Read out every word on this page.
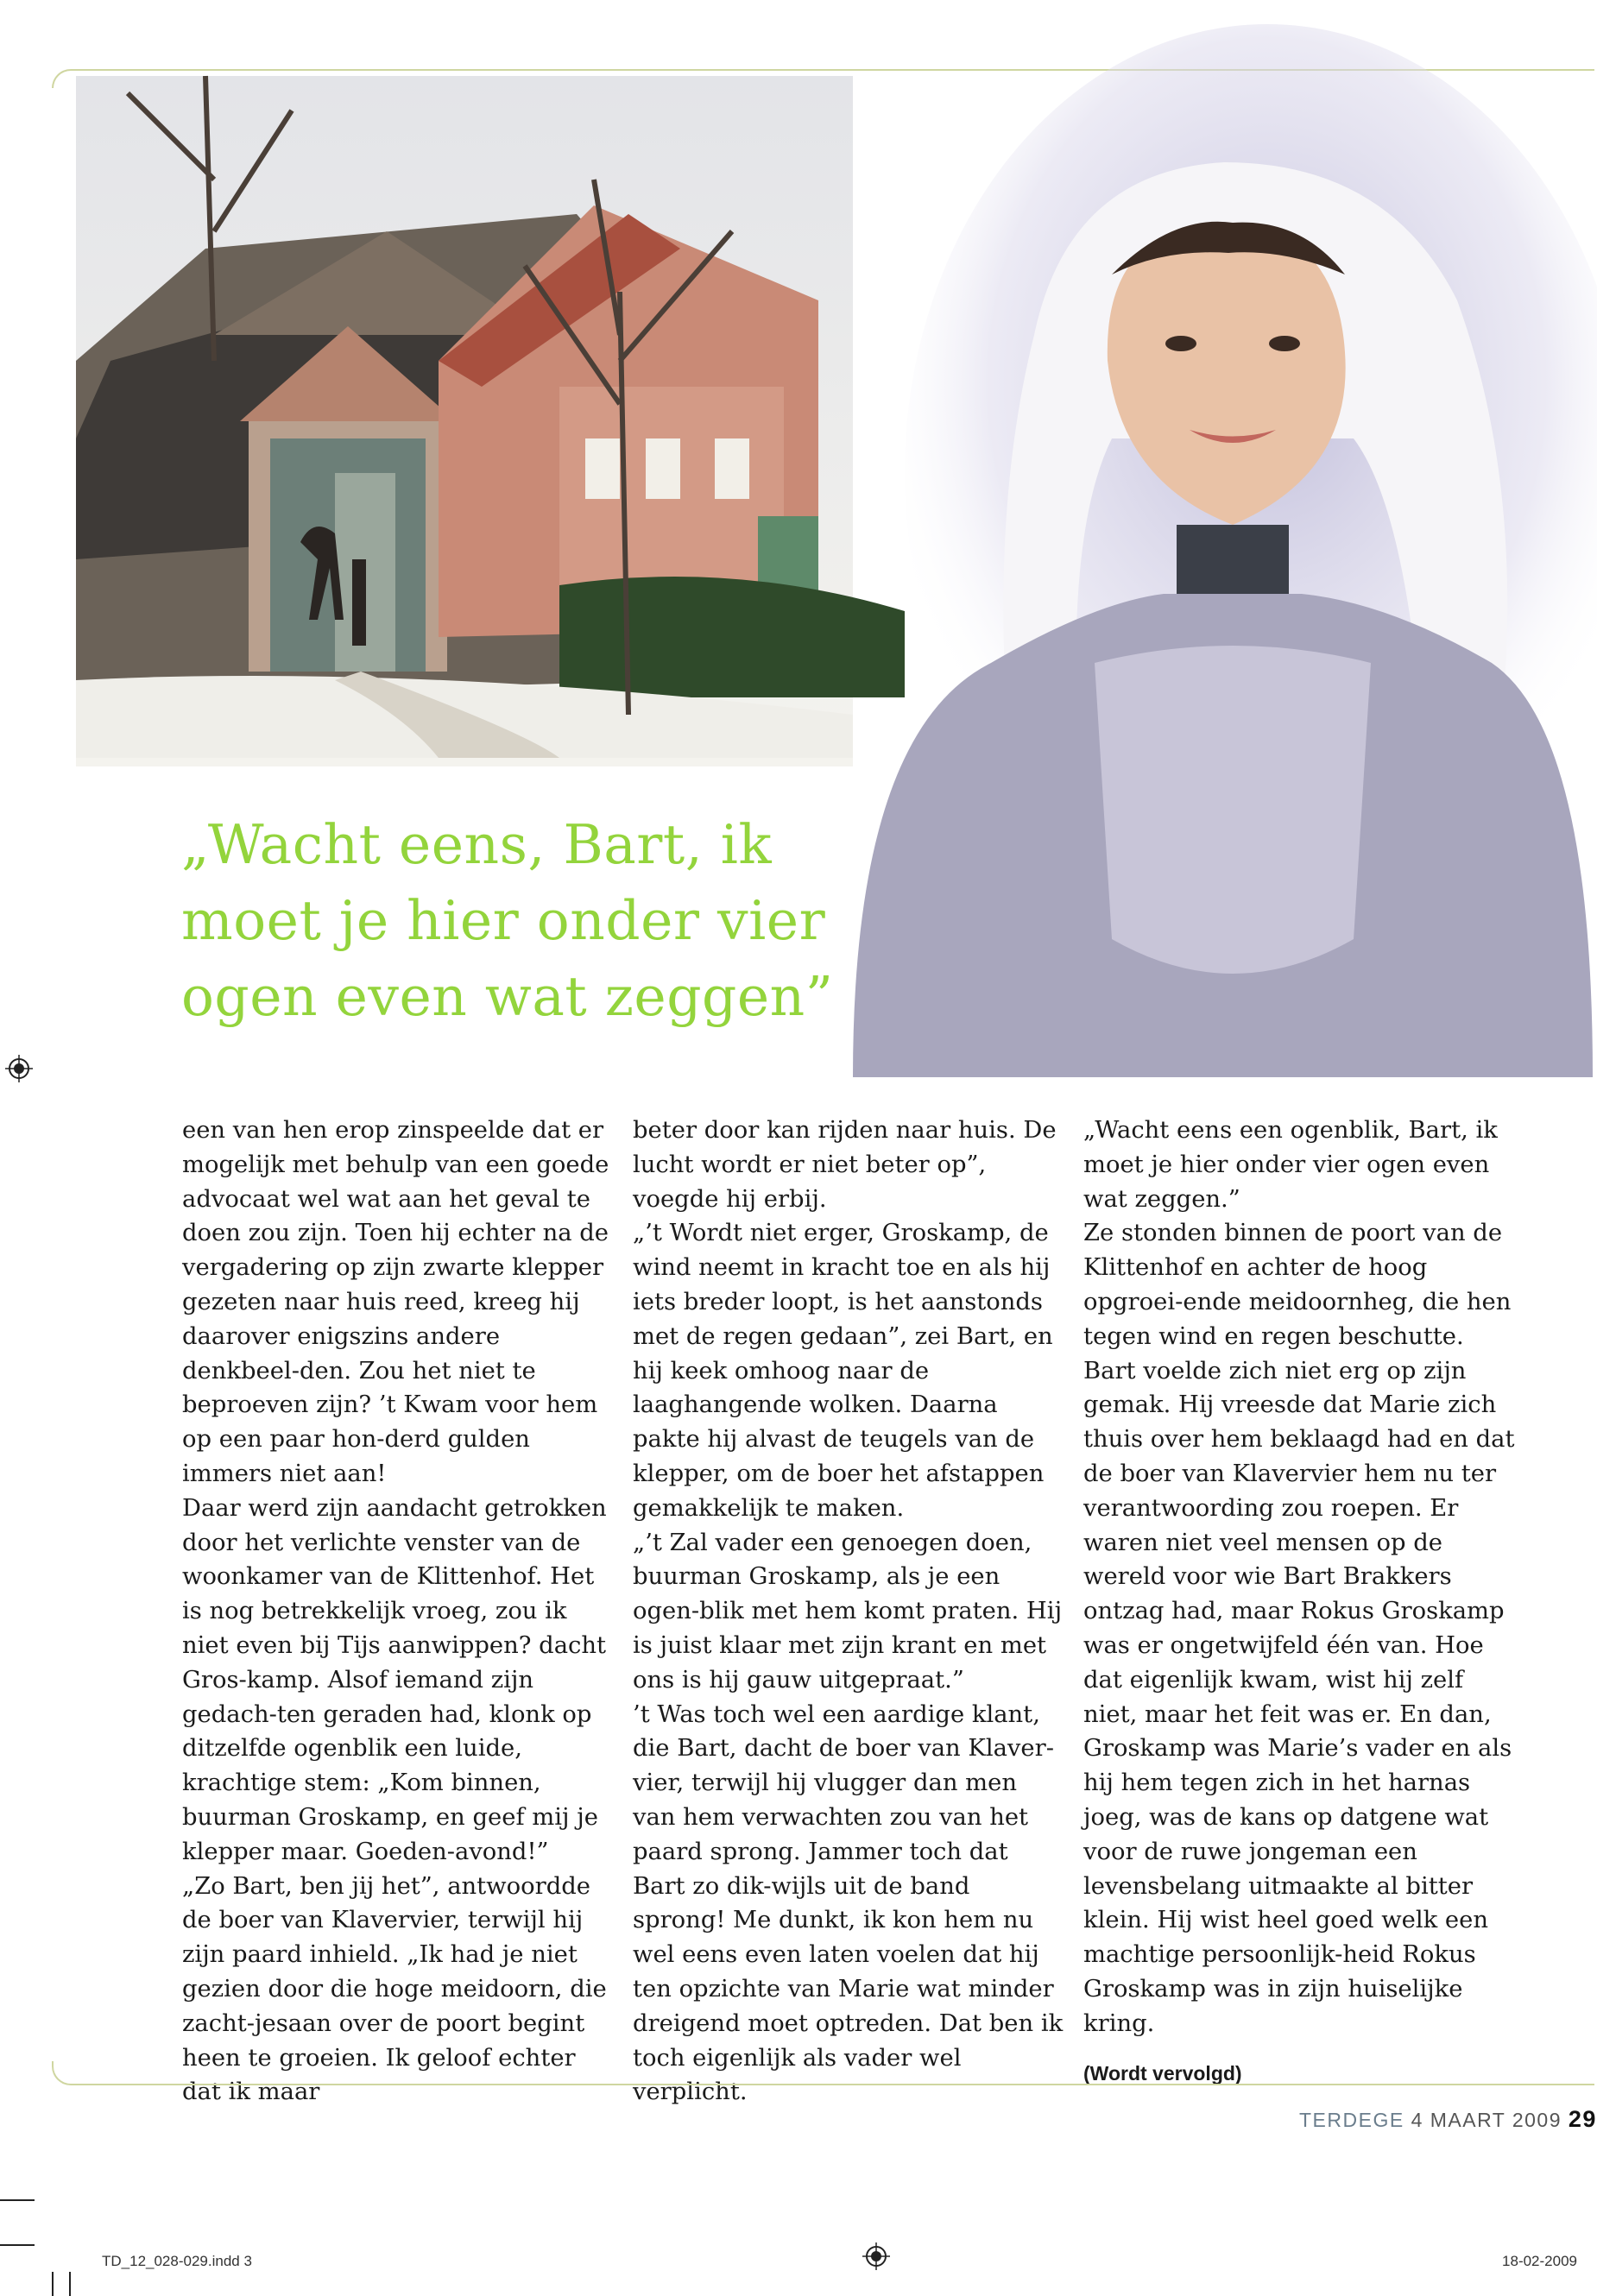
„Wacht eens, Bart, ik moet je hier onder vier ogen even wat zeggen”

een van hen erop zinspeelde dat er mogelijk met behulp van een goede advocaat wel wat aan het geval te doen zou zijn. Toen hij echter na de vergadering op zijn zwarte klepper gezeten naar huis reed, kreeg hij daarover enigszins andere denkbeel-den. Zou het niet te beproeven zijn? ’t Kwam voor hem op een paar hon-derd gulden immers niet aan!

Daar werd zijn aandacht getrokken door het verlichte venster van de woonkamer van de Klittenhof. Het is nog betrekkelijk vroeg, zou ik niet even bij Tijs aanwippen? dacht Gros-kamp. Alsof iemand zijn gedach-ten geraden had, klonk op ditzelfde ogenblik een luide, krachtige stem: „Kom binnen, buurman Groskamp, en geef mij je klepper maar. Goeden-avond!”

„Zo Bart, ben jij het”, antwoordde de boer van Klavervier, terwijl hij zijn paard inhield. „Ik had je niet gezien door die hoge meidoorn, die zacht-jesaan over de poort begint heen te groeien. Ik geloof echter dat ik maar

beter door kan rijden naar huis. De lucht wordt er niet beter op”, voegde hij erbij.

„’t Wordt niet erger, Groskamp, de wind neemt in kracht toe en als hij iets breder loopt, is het aanstonds met de regen gedaan”, zei Bart, en hij keek omhoog naar de laaghangende wolken. Daarna pakte hij alvast de teugels van de klepper, om de boer het afstappen gemakkelijk te maken.

„’t Zal vader een genoegen doen, buurman Groskamp, als je een ogen-blik met hem komt praten. Hij is juist klaar met zijn krant en met ons is hij gauw uitgepraat.”

’t Was toch wel een aardige klant, die Bart, dacht de boer van Klaver-vier, terwijl hij vlugger dan men van hem verwachten zou van het paard sprong. Jammer toch dat Bart zo dik-wijls uit de band sprong! Me dunkt, ik kon hem nu wel eens even laten voelen dat hij ten opzichte van Marie wat minder dreigend moet optreden. Dat ben ik toch eigenlijk als vader wel verplicht.

„Wacht eens een ogenblik, Bart, ik moet je hier onder vier ogen even wat zeggen.”

Ze stonden binnen de poort van de Klittenhof en achter de hoog opgroei-ende meidoornheg, die hen tegen wind en regen beschutte.

Bart voelde zich niet erg op zijn gemak. Hij vreesde dat Marie zich thuis over hem beklaagd had en dat de boer van Klavervier hem nu ter verantwoording zou roepen. Er waren niet veel mensen op de wereld voor wie Bart Brakkers ontzag had, maar Rokus Groskamp was er ongetwijfeld één van. Hoe dat eigenlijk kwam, wist hij zelf niet, maar het feit was er. En dan, Groskamp was Marie’s vader en als hij hem tegen zich in het harnas joeg, was de kans op datgene wat voor de ruwe jongeman een levensbelang uitmaakte al bitter klein. Hij wist heel goed welk een machtige persoonlijk-heid Rokus Groskamp was in zijn huiselijke kring.

(Wordt vervolgd)

TERDEGE 4 MAART 2009 29
TD_12_028-029.indd 3	18-02-2009
